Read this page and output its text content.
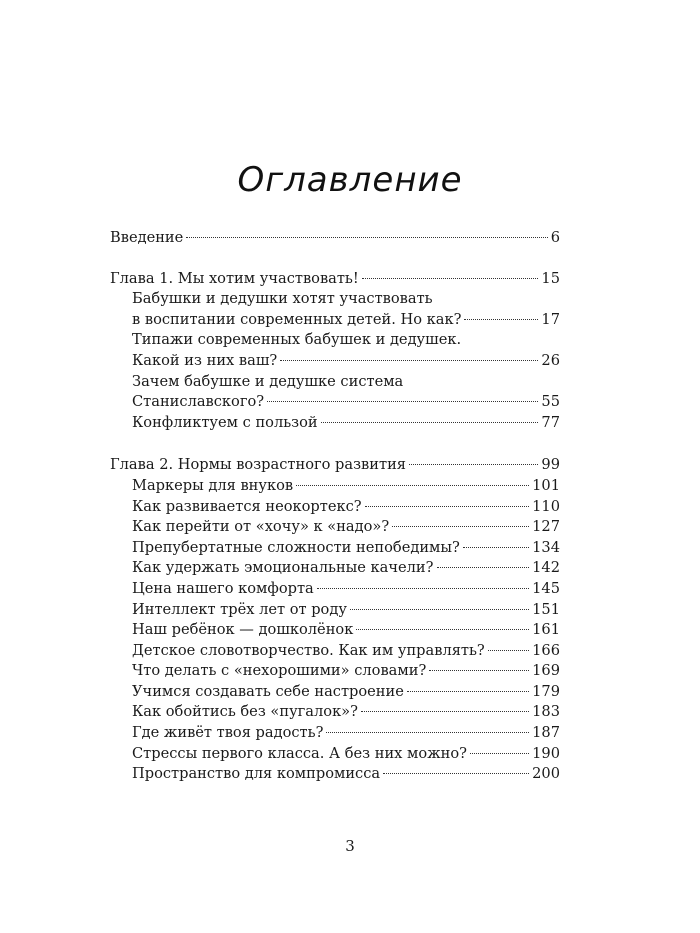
Оглавление
Введение	6
Глава 1. Мы хотим участвовать!	15
Бабушки и дедушки хотят участвовать
в воспитании современных детей. Но как?	17
Типажи современных бабушек и дедушек.
Какой из них ваш?	26
Зачем бабушке и дедушке система
Станиславского?	55
Конфликтуем с пользой	77
Глава 2. Нормы возрастного развития	99
Маркеры для внуков	101
Как развивается неокортекс?	110
Как перейти от «хочу» к «надо»?	127
Препубертатные сложности непобедимы?	134
Как удержать эмоциональные качели?	142
Цена нашего комфорта	145
Интеллект трёх лет от роду	151
Наш ребёнок — дошколёнок	161
Детское словотворчество. Как им управлять?	166
Что делать с «нехорошими» словами?	169
Учимся создавать себе настроение	179
Как обойтись без «пугалок»?	183
Где живёт твоя радость?	187
Стрессы первого класса. А без них можно?	190
Пространство для компромисса	200
3
